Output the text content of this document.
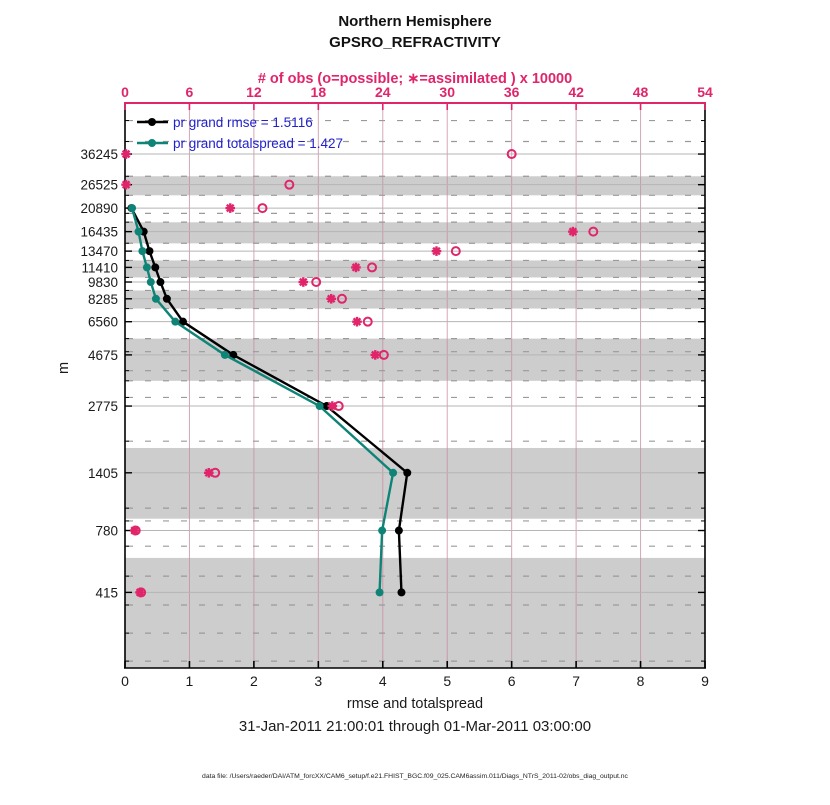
0	6	12	18	24	30	36	42	48	54
0	1	2	3	4	5	6	7	8	9
36245
26525
20890
16435
13470
11410
9830
8285
6560
4675
2775
1405
780
415
Northern Hemisphere
GPSRO_REFRACTIVITY
# of obs (o=possible; ∗=assimilated ) x 10000
m
rmse and totalspread
31-Jan-2011 21:00:01 through 01-Mar-2011 03:00:00
data file: /Users/raeder/DAI/ATM_forcXX/CAM6_setup/f.e21.FHIST_BGC.f09_025.CAM6assim.011/Diags_NTrS_2011-02/obs_diag_output.nc
pr grand rmse = 1.5116
pr grand totalspread = 1.427
